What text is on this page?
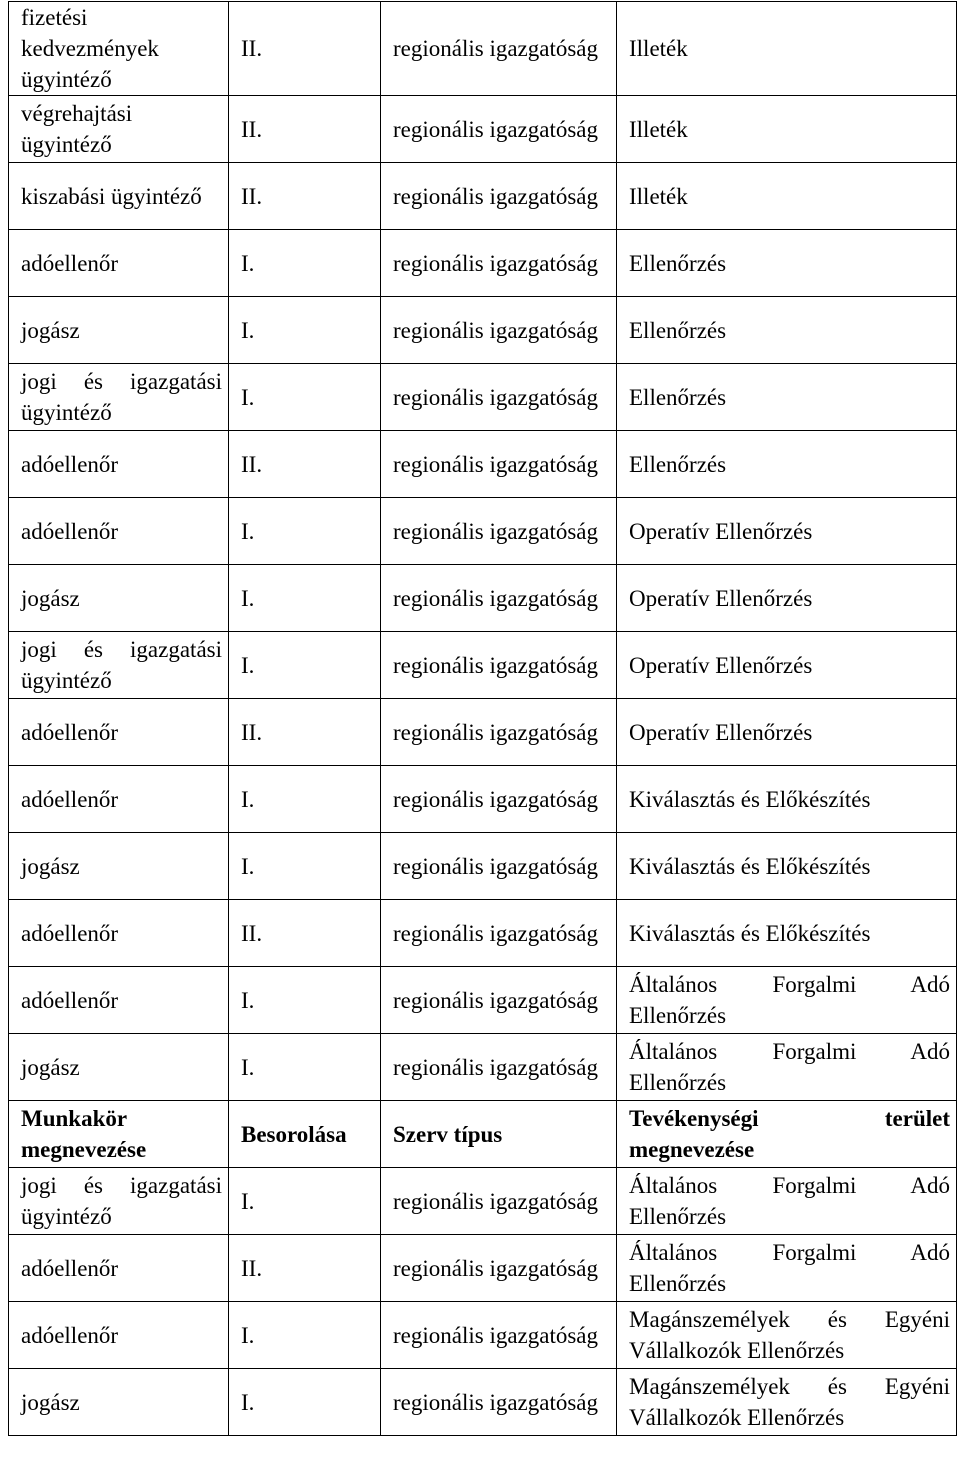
fizetési kedvezmények ügyintéző	II.	regionális igazgatóság	Illeték
végrehajtási ügyintéző	II.	regionális igazgatóság	Illeték
kiszabási ügyintéző	II.	regionális igazgatóság	Illeték
adóellenőr	I.	regionális igazgatóság	Ellenőrzés
jogász	I.	regionális igazgatóság	Ellenőrzés
jogi és igazgatási ügyintéző	I.	regionális igazgatóság	Ellenőrzés
adóellenőr	II.	regionális igazgatóság	Ellenőrzés
adóellenőr	I.	regionális igazgatóság	Operatív Ellenőrzés
jogász	I.	regionális igazgatóság	Operatív Ellenőrzés
jogi és igazgatási ügyintéző	I.	regionális igazgatóság	Operatív Ellenőrzés
adóellenőr	II.	regionális igazgatóság	Operatív Ellenőrzés
adóellenőr	I.	regionális igazgatóság	Kiválasztás és Előkészítés
jogász	I.	regionális igazgatóság	Kiválasztás és Előkészítés
adóellenőr	II.	regionális igazgatóság	Kiválasztás és Előkészítés
adóellenőr	I.	regionális igazgatóság	Általános Forgalmi Adó Ellenőrzés
jogász	I.	regionális igazgatóság	Általános Forgalmi Adó Ellenőrzés
Munkakör megnevezése	Besorolása	Szerv típus	Tevékenységi terület megnevezése
jogi és igazgatási ügyintéző	I.	regionális igazgatóság	Általános Forgalmi Adó Ellenőrzés
adóellenőr	II.	regionális igazgatóság	Általános Forgalmi Adó Ellenőrzés
adóellenőr	I.	regionális igazgatóság	Magánszemélyek és Egyéni Vállalkozók Ellenőrzés
jogász	I.	regionális igazgatóság	Magánszemélyek és Egyéni Vállalkozók Ellenőrzés
